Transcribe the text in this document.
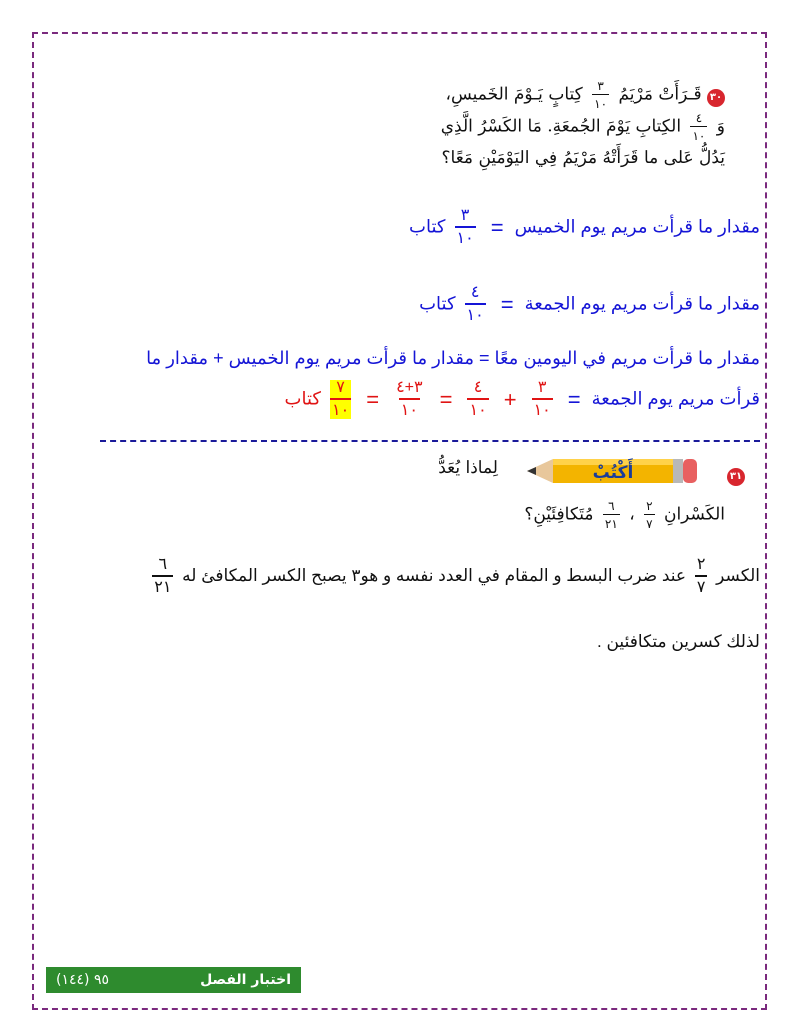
٣٠ قَـرَأَتْ مَرْيَمُ
$\frac{٣}{١٠}$
كِتابٍ يَـوْمَ الخَميسِ،
وَ
$\frac{٤}{١٠}$
الكِتابِ يَوْمَ الجُمعَةِ. مَا الكَسْرُ الَّذِي
يَدُلُّ عَلى ما قَرَأَتْهُ مَرْيَمُ فِي اليَوْمَيْنِ مَعًا؟
مقدار ما قرأت مريم يوم الخميس =
$\frac{٣}{١٠}$
كتاب
مقدار ما قرأت مريم يوم الجمعة =
$\frac{٤}{١٠}$
كتاب
مقدار ما قرأت مريم في اليومين معًا = مقدار ما قرأت مريم يوم الخميس + مقدار ما
قرأت مريم يوم الجمعة =
$\frac{٣}{١٠}$
+
$\frac{٤}{١٠}$
=
$\frac{٣+٤}{١٠}$
=
$\frac{٧}{١٠}$
كتاب
٣١
أَكْتُبْ
لِماذا يُعَدُّ
الكَسْرانِ
$\frac{٢}{٧}$
،
$\frac{٦}{٢١}$
مُتَكافِئَيْنِ؟
الكسر
$\frac{٢}{٧}$
عند ضرب البسط و المقام في العدد نفسه و هو٣ يصبح الكسر المكافئ له
$\frac{٦}{٢١}$
لذلك كسرين متكافئين .
(١٤٤) ٩٥	اختبار الفصل
